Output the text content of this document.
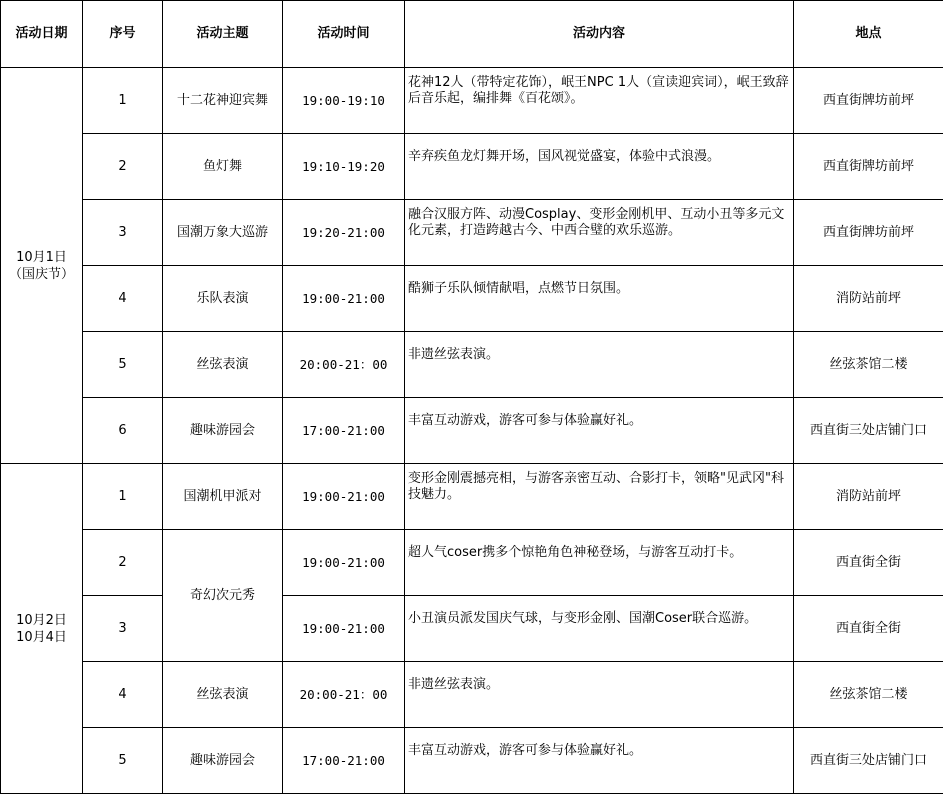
活动日期	序号	活动主题	活动时间	活动内容	地点

10月1日
（国庆节）	1	十二花神迎宾舞	19:00-19:10	花神12人（带特定花饰），岷王NPC 1人（宣读迎宾词），岷王致辞后音乐起，编排舞《百花颂》。	西直街牌坊前坪
	2	鱼灯舞	19:10-19:20	辛弃疾鱼龙灯舞开场，国风视觉盛宴，体验中式浪漫。	西直街牌坊前坪
	3	国潮万象大巡游	19:20-21:00	融合汉服方阵、动漫Cosplay、变形金刚机甲、互动小丑等多元文化元素，打造跨越古今、中西合璧的欢乐巡游。	西直街牌坊前坪
	4	乐队表演	19:00-21:00	酷狮子乐队倾情献唱，点燃节日氛围。	消防站前坪
	5	丝弦表演	20:00-21：00	非遗丝弦表演。	丝弦茶馆二楼
	6	趣味游园会	17:00-21:00	丰富互动游戏，游客可参与体验赢好礼。	西直街三处店铺门口

10月2日
10月4日	1	国潮机甲派对	19:00-21:00	变形金刚震撼亮相，与游客亲密互动、合影打卡，领略"见武冈"科技魅力。	消防站前坪
	2	奇幻次元秀	19:00-21:00	超人气coser携多个惊艳角色神秘登场，与游客互动打卡。	西直街全街
	3		19:00-21:00	小丑演员派发国庆气球，与变形金刚、国潮Coser联合巡游。	西直街全街
	4	丝弦表演	20:00-21：00	非遗丝弦表演。	丝弦茶馆二楼
	5	趣味游园会	17:00-21:00	丰富互动游戏，游客可参与体验赢好礼。	西直街三处店铺门口
